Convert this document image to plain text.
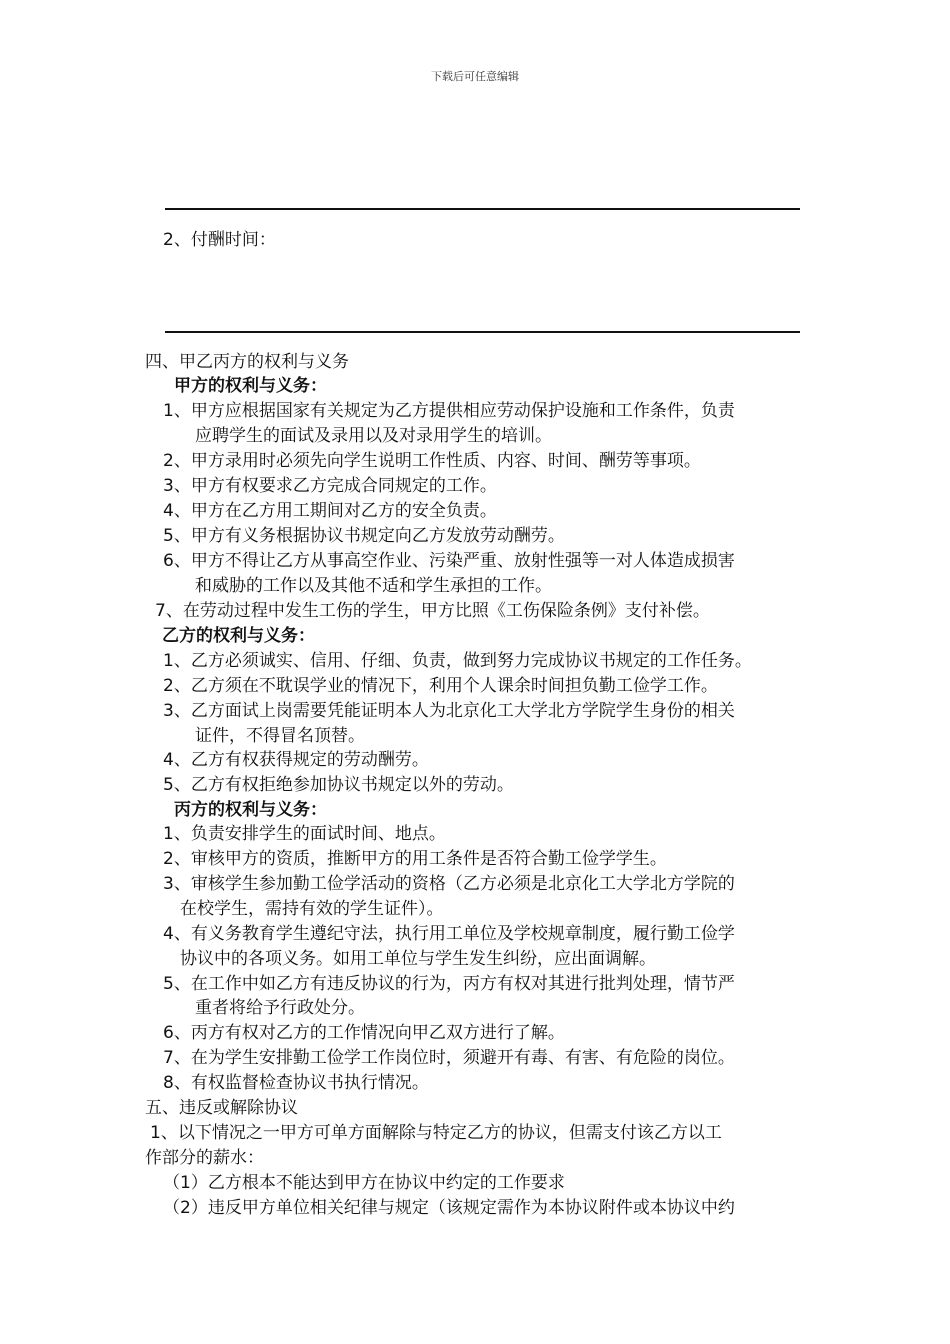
下载后可任意编辑
2、付酬时间：
四、甲乙丙方的权利与义务
甲方的权利与义务：
1、甲方应根据国家有关规定为乙方提供相应劳动保护设施和工作条件，负责
应聘学生的面试及录用以及对录用学生的培训。
2、甲方录用时必须先向学生说明工作性质、内容、时间、酬劳等事项。
3、甲方有权要求乙方完成合同规定的工作。
4、甲方在乙方用工期间对乙方的安全负责。
5、甲方有义务根据协议书规定向乙方发放劳动酬劳。
6、甲方不得让乙方从事高空作业、污染严重、放射性强等一对人体造成损害
和威胁的工作以及其他不适和学生承担的工作。
7、在劳动过程中发生工伤的学生，甲方比照《工伤保险条例》支付补偿。
乙方的权利与义务：
1、乙方必须诚实、信用、仔细、负责，做到努力完成协议书规定的工作任务。
2、乙方须在不耽误学业的情况下，利用个人课余时间担负勤工俭学工作。
3、乙方面试上岗需要凭能证明本人为北京化工大学北方学院学生身份的相关
证件，不得冒名顶替。
4、乙方有权获得规定的劳动酬劳。
5、乙方有权拒绝参加协议书规定以外的劳动。
丙方的权利与义务：
1、负责安排学生的面试时间、地点。
2、审核甲方的资质，推断甲方的用工条件是否符合勤工俭学学生。
3、审核学生参加勤工俭学活动的资格（乙方必须是北京化工大学北方学院的
在校学生，需持有效的学生证件）。
4、有义务教育学生遵纪守法，执行用工单位及学校规章制度，履行勤工俭学
协议中的各项义务。如用工单位与学生发生纠纷，应出面调解。
5、在工作中如乙方有违反协议的行为，丙方有权对其进行批判处理，情节严
重者将给予行政处分。
6、丙方有权对乙方的工作情况向甲乙双方进行了解。
7、在为学生安排勤工俭学工作岗位时，须避开有毒、有害、有危险的岗位。
8、有权监督检查协议书执行情况。
五、违反或解除协议
1、以下情况之一甲方可单方面解除与特定乙方的协议，但需支付该乙方以工
作部分的薪水：
（1）乙方根本不能达到甲方在协议中约定的工作要求
（2）违反甲方单位相关纪律与规定（该规定需作为本协议附件或本协议中约
